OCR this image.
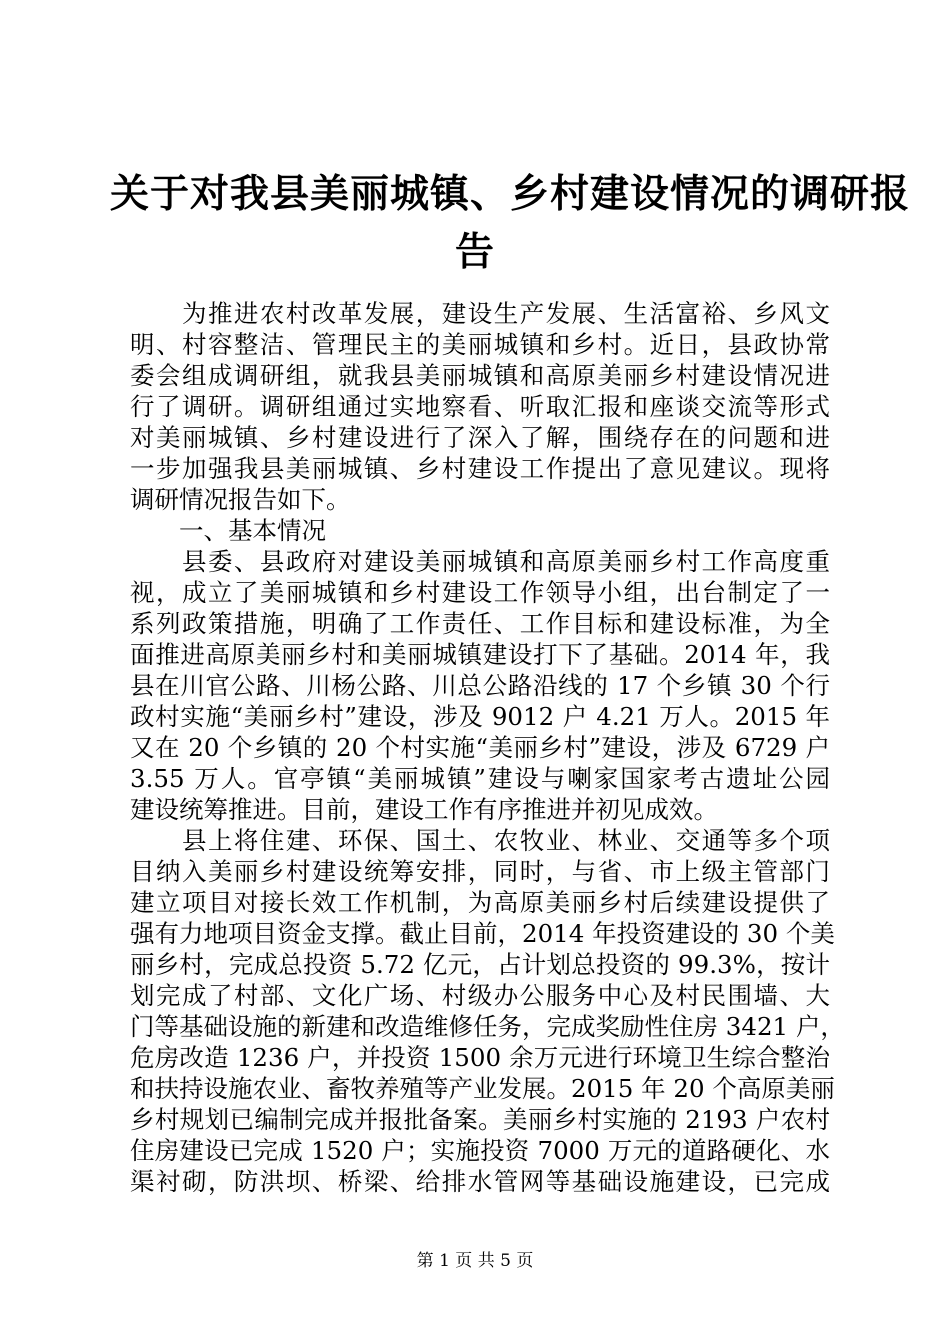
关于对我县美丽城镇、乡村建设情况的调研报
告
　　为推进农村改革发展，建设生产发展、生活富裕、乡风文
明、村容整洁、管理民主的美丽城镇和乡村。近日，县政协常
委会组成调研组，就我县美丽城镇和高原美丽乡村建设情况进
行了调研。调研组通过实地察看、听取汇报和座谈交流等形式
对美丽城镇、乡村建设进行了深入了解，围绕存在的问题和进
一步加强我县美丽城镇、乡村建设工作提出了意见建议。现将
调研情况报告如下。
　　一、基本情况
　　县委、县政府对建设美丽城镇和高原美丽乡村工作高度重
视，成立了美丽城镇和乡村建设工作领导小组，出台制定了一
系列政策措施，明确了工作责任、工作目标和建设标准，为全
面推进高原美丽乡村和美丽城镇建设打下了基础。2014 年，我
县在川官公路、川杨公路、川总公路沿线的 17 个乡镇 30 个行
政村实施“美丽乡村”建设，涉及 9012 户 4.21 万人。2015 年
又在 20 个乡镇的 20 个村实施“美丽乡村”建设，涉及 6729 户
3.55 万人。官亭镇“美丽城镇”建设与喇家国家考古遗址公园
建设统筹推进。目前，建设工作有序推进并初见成效。
　　县上将住建、环保、国土、农牧业、林业、交通等多个项
目纳入美丽乡村建设统筹安排，同时，与省、市上级主管部门
建立项目对接长效工作机制，为高原美丽乡村后续建设提供了
强有力地项目资金支撑。截止目前，2014 年投资建设的 30 个美
丽乡村，完成总投资 5.72 亿元，占计划总投资的 99.3%，按计
划完成了村部、文化广场、村级办公服务中心及村民围墙、大
门等基础设施的新建和改造维修任务，完成奖励性住房 3421 户，
危房改造 1236 户，并投资 1500 余万元进行环境卫生综合整治
和扶持设施农业、畜牧养殖等产业发展。2015 年 20 个高原美丽
乡村规划已编制完成并报批备案。美丽乡村实施的 2193 户农村
住房建设已完成 1520 户；实施投资 7000 万元的道路硬化、水
渠衬砌，防洪坝、桥梁、给排水管网等基础设施建设，已完成
第 1 页 共 5 页
